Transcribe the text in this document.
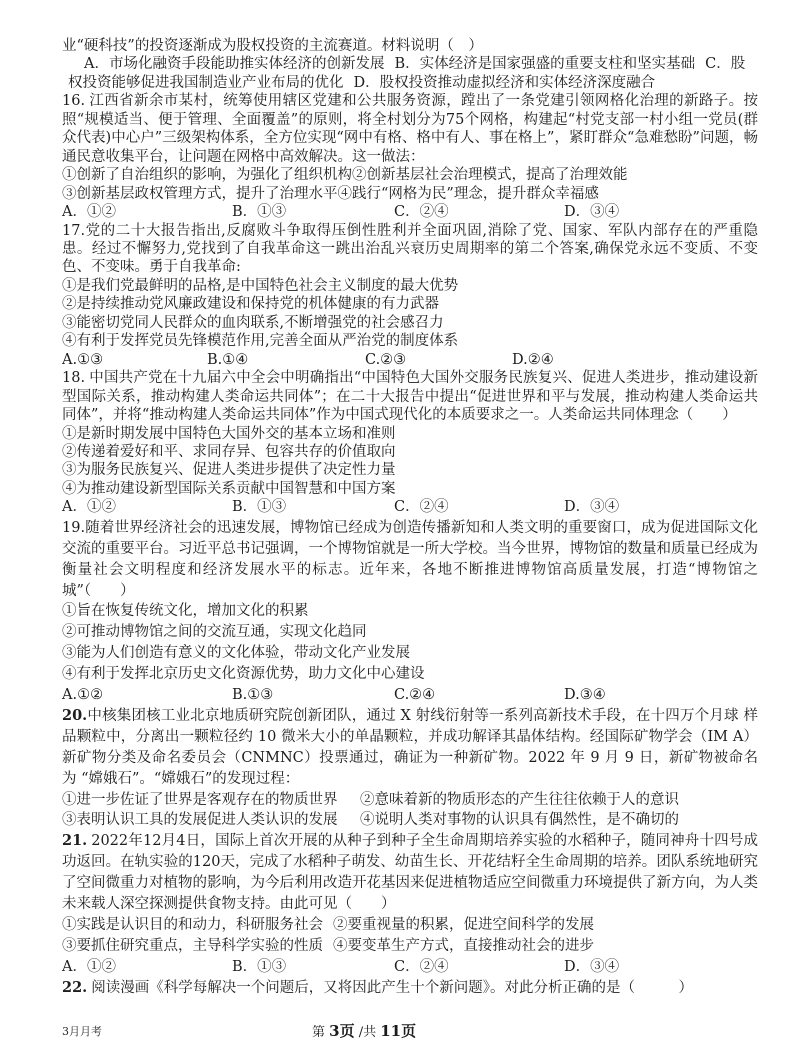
业“硬科技”的投资逐渐成为股权投资的主流赛道。材料说明（　）

A．市场化融资手段能助推实体经济的创新发展 B．实体经济是国家强盛的重要支柱和坚实基础 C．股权投资能够促进我国制造业产业布局的优化 D．股权投资推动虚拟经济和实体经济深度融合

16. 江西省新余市某村，统筹使用辖区党建和公共服务资源，蹚出了一条党建引领网格化治理的新路子。按照“规模适当、便于管理、全面覆盖”的原则，将全村划分为75个网格，构建起“村党支部一村小组一党员(群众代表)中心户”三级架构体系，全方位实现“网中有格、格中有人、事在格上”，紧盯群众“急难愁盼”问题，畅通民意收集平台，让问题在网格中高效解决。这一做法：

①创新了自治组织的影响，为强化了组织机构②创新基层社会治理模式，提高了治理效能
③创新基层政权管理方式，提升了治理水平④践行“网格为民”理念，提升群众幸福感
A．①②	B．①③	C．②④	D．③④

17.党的二十大报告指出,反腐败斗争取得压倒性胜利并全面巩固,消除了党、国家、军队内部存在的严重隐患。经过不懈努力,党找到了自我革命这一跳出治乱兴衰历史周期率的第二个答案,确保党永远不变质、不变色、不变味。勇于自我革命:

①是我们党最鲜明的品格,是中国特色社会主义制度的最大优势
②是持续推动党风廉政建设和保持党的机体健康的有力武器
③能密切党同人民群众的血肉联系,不断增强党的社会感召力
④有利于发挥党员先锋模范作用,完善全面从严治党的制度体系
A.①③	B.①④	C.②③	D.②④

18. 中国共产党在十九届六中全会中明确指出“中国特色大国外交服务民族复兴、促进人类进步，推动建设新型国际关系，推动构建人类命运共同体”；在二十大报告中提出“促进世界和平与发展，推动构建人类命运共同体”，并将“推动构建人类命运共同体”作为中国式现代化的本质要求之一。人类命运共同体理念（　　）

①是新时期发展中国特色大国外交的基本立场和准则
②传递着爱好和平、求同存异、包容共存的价值取向
③为服务民族复兴、促进人类进步提供了决定性力量
④为推动建设新型国际关系贡献中国智慧和中国方案
A．①②	B．①③	C．②④	D．③④

19.随着世界经济社会的迅速发展，博物馆已经成为创造传播新知和人类文明的重要窗口，成为促进国际文化交流的重要平台。习近平总书记强调，一个博物馆就是一所大学校。当今世界，博物馆的数量和质量已经成为衡量社会文明程度和经济发展水平的标志。近年来，各地不断推进博物馆高质量发展，打造“博物馆之城”（　　）

①旨在恢复传统文化，增加文化的积累
②可推动博物馆之间的交流互通，实现文化趋同
③能为人们创造有意义的文化体验，带动文化产业发展
④有利于发挥北京历史文化资源优势，助力文化中心建设
A.①②	B.①③	C.②④	D.③④

20.中核集团核工业北京地质研究院创新团队，通过 X 射线衍射等一系列高新技术手段，在十四万个月球 样品颗粒中，分离出一颗粒径约 10 微米大小的单晶颗粒，并成功解译其晶体结构。经国际矿物学会（IM A）新矿物分类及命名委员会（CNMNC）投票通过，确证为一种新矿物。2022 年 9 月 9 日，新矿物被命名 为 “嫦娥石”。“嫦娥石”的发现过程：

①进一步佐证了世界是客观存在的物质世界	②意味着新的物质形态的产生往往依赖于人的意识
③表明认识工具的发展促进人类认识的发展	④说明人类对事物的认识具有偶然性，是不确切的

21. 2022年12月4日，国际上首次开展的从种子到种子全生命周期培养实验的水稻种子，随同神舟十四号成功返回。在轨实验的120天，完成了水稻种子萌发、幼苗生长、开花结籽全生命周期的培养。团队系统地研究了空间微重力对植物的影响，为今后利用改造开花基因来促进植物适应空间微重力环境提供了新方向，为人类未来载人深空探测提供食物支持。由此可见（　　）

①实践是认识目的和动力，科研服务社会 ②要重视量的积累，促进空间科学的发展
③要抓住研究重点，主导科学实验的性质 ④要变革生产方式，直接推动社会的进步
A．①②	B．①③	C．②④	D．③④

22. 阅读漫画《科学每解决一个问题后，又将因此产生十个新问题》。对此分析正确的是（　　　）

3月月考	第 3页 /共 11页
